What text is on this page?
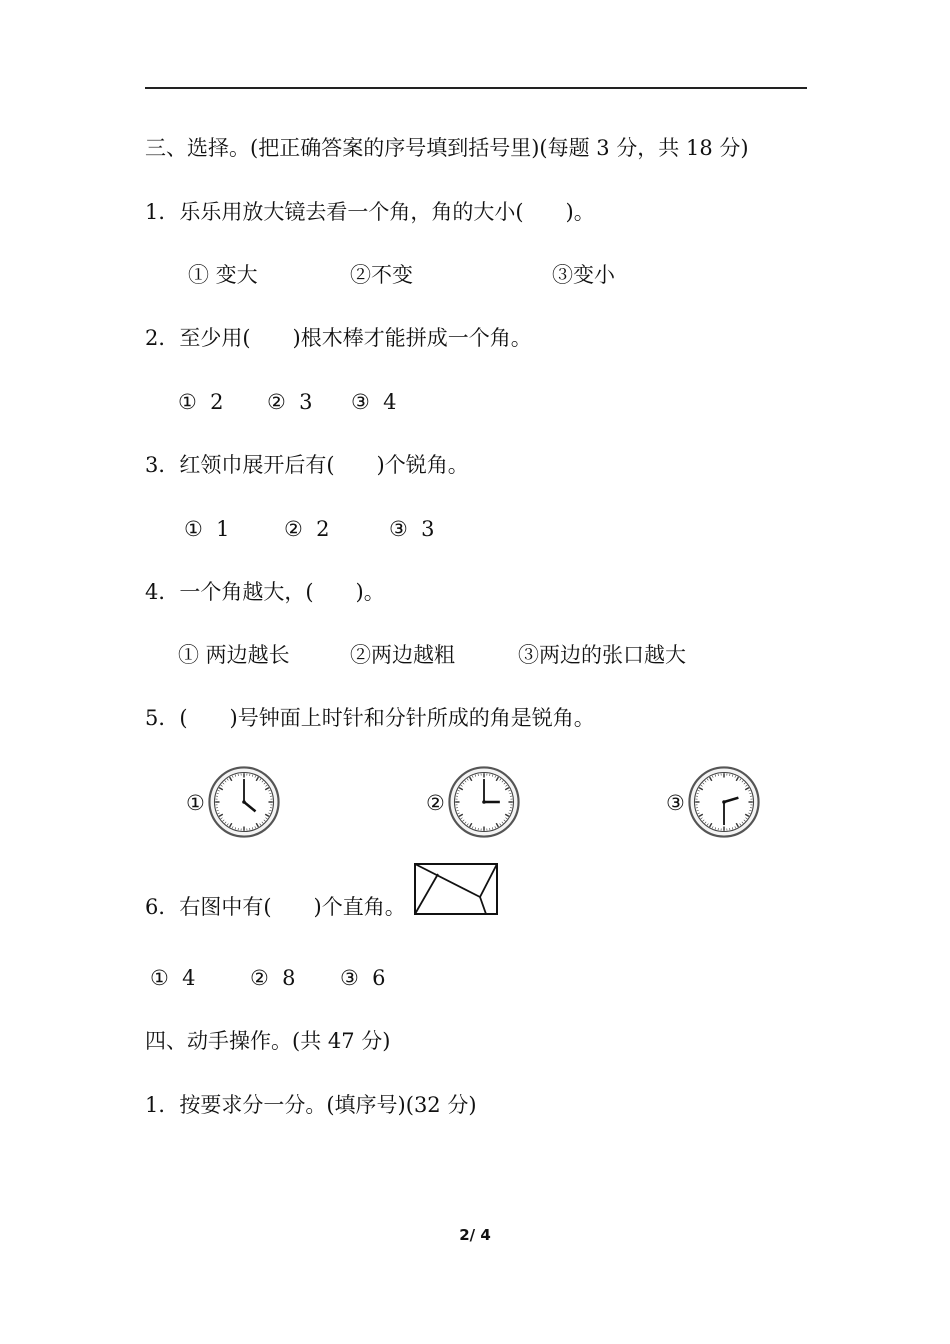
三、选择。(把正确答案的序号填到括号里)(每题 3 分，共 18 分)
1．乐乐用放大镜去看一个角，角的大小(　　)。
① 变大	②不变	③变小
2．至少用(　　)根木棒才能拼成一个角。
①  2 ②  3 ③  4
3．红领巾展开后有(　　)个锐角。
①  1	②  2	③  3
4．一个角越大，(　　)。
① 两边越长	②两边越粗	③两边的张口越大
5．(　　)号钟面上时针和分针所成的角是锐角。
①	②	③
6．右图中有(　　)个直角。
①  4	②  8 ③  6
四、动手操作。(共 47 分)
1．按要求分一分。(填序号)(32 分)
2/ 4
